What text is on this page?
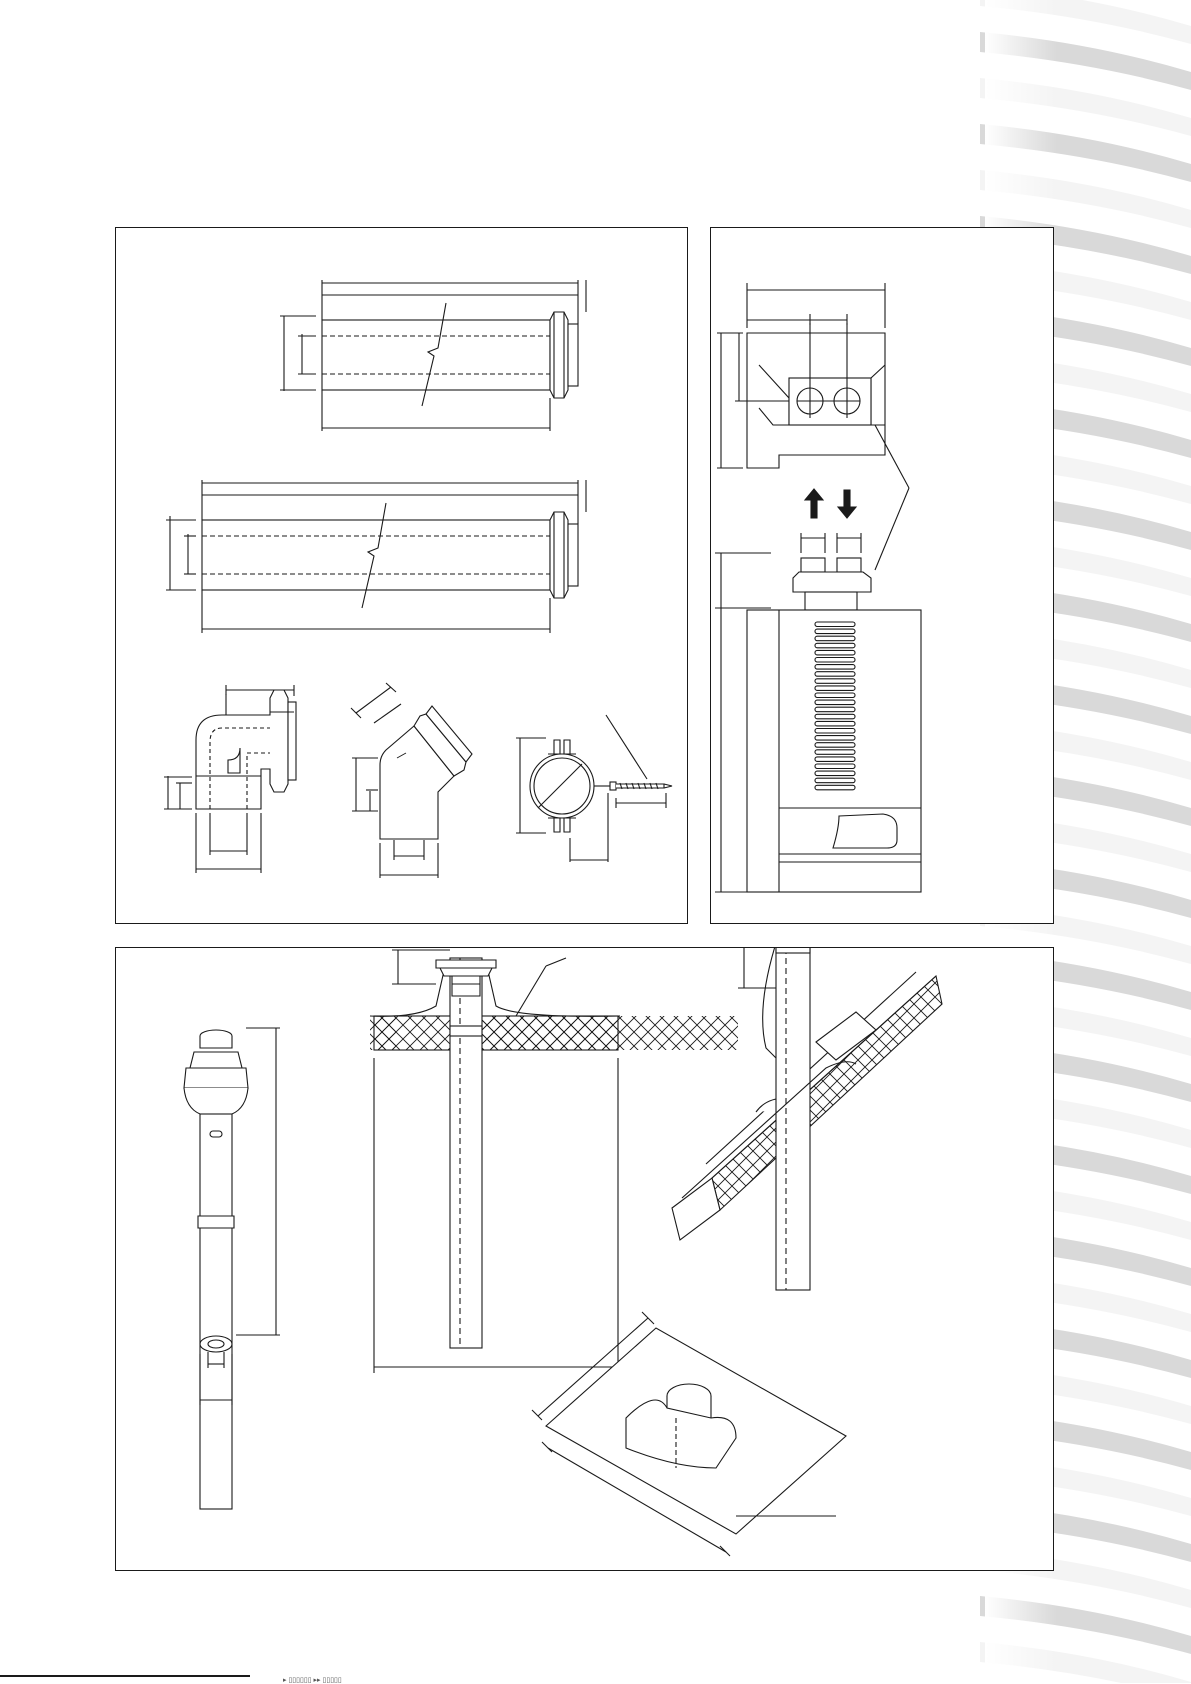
▸ ▯▯▯▯▯▯ ▸▸ ▯▯▯▯▯
